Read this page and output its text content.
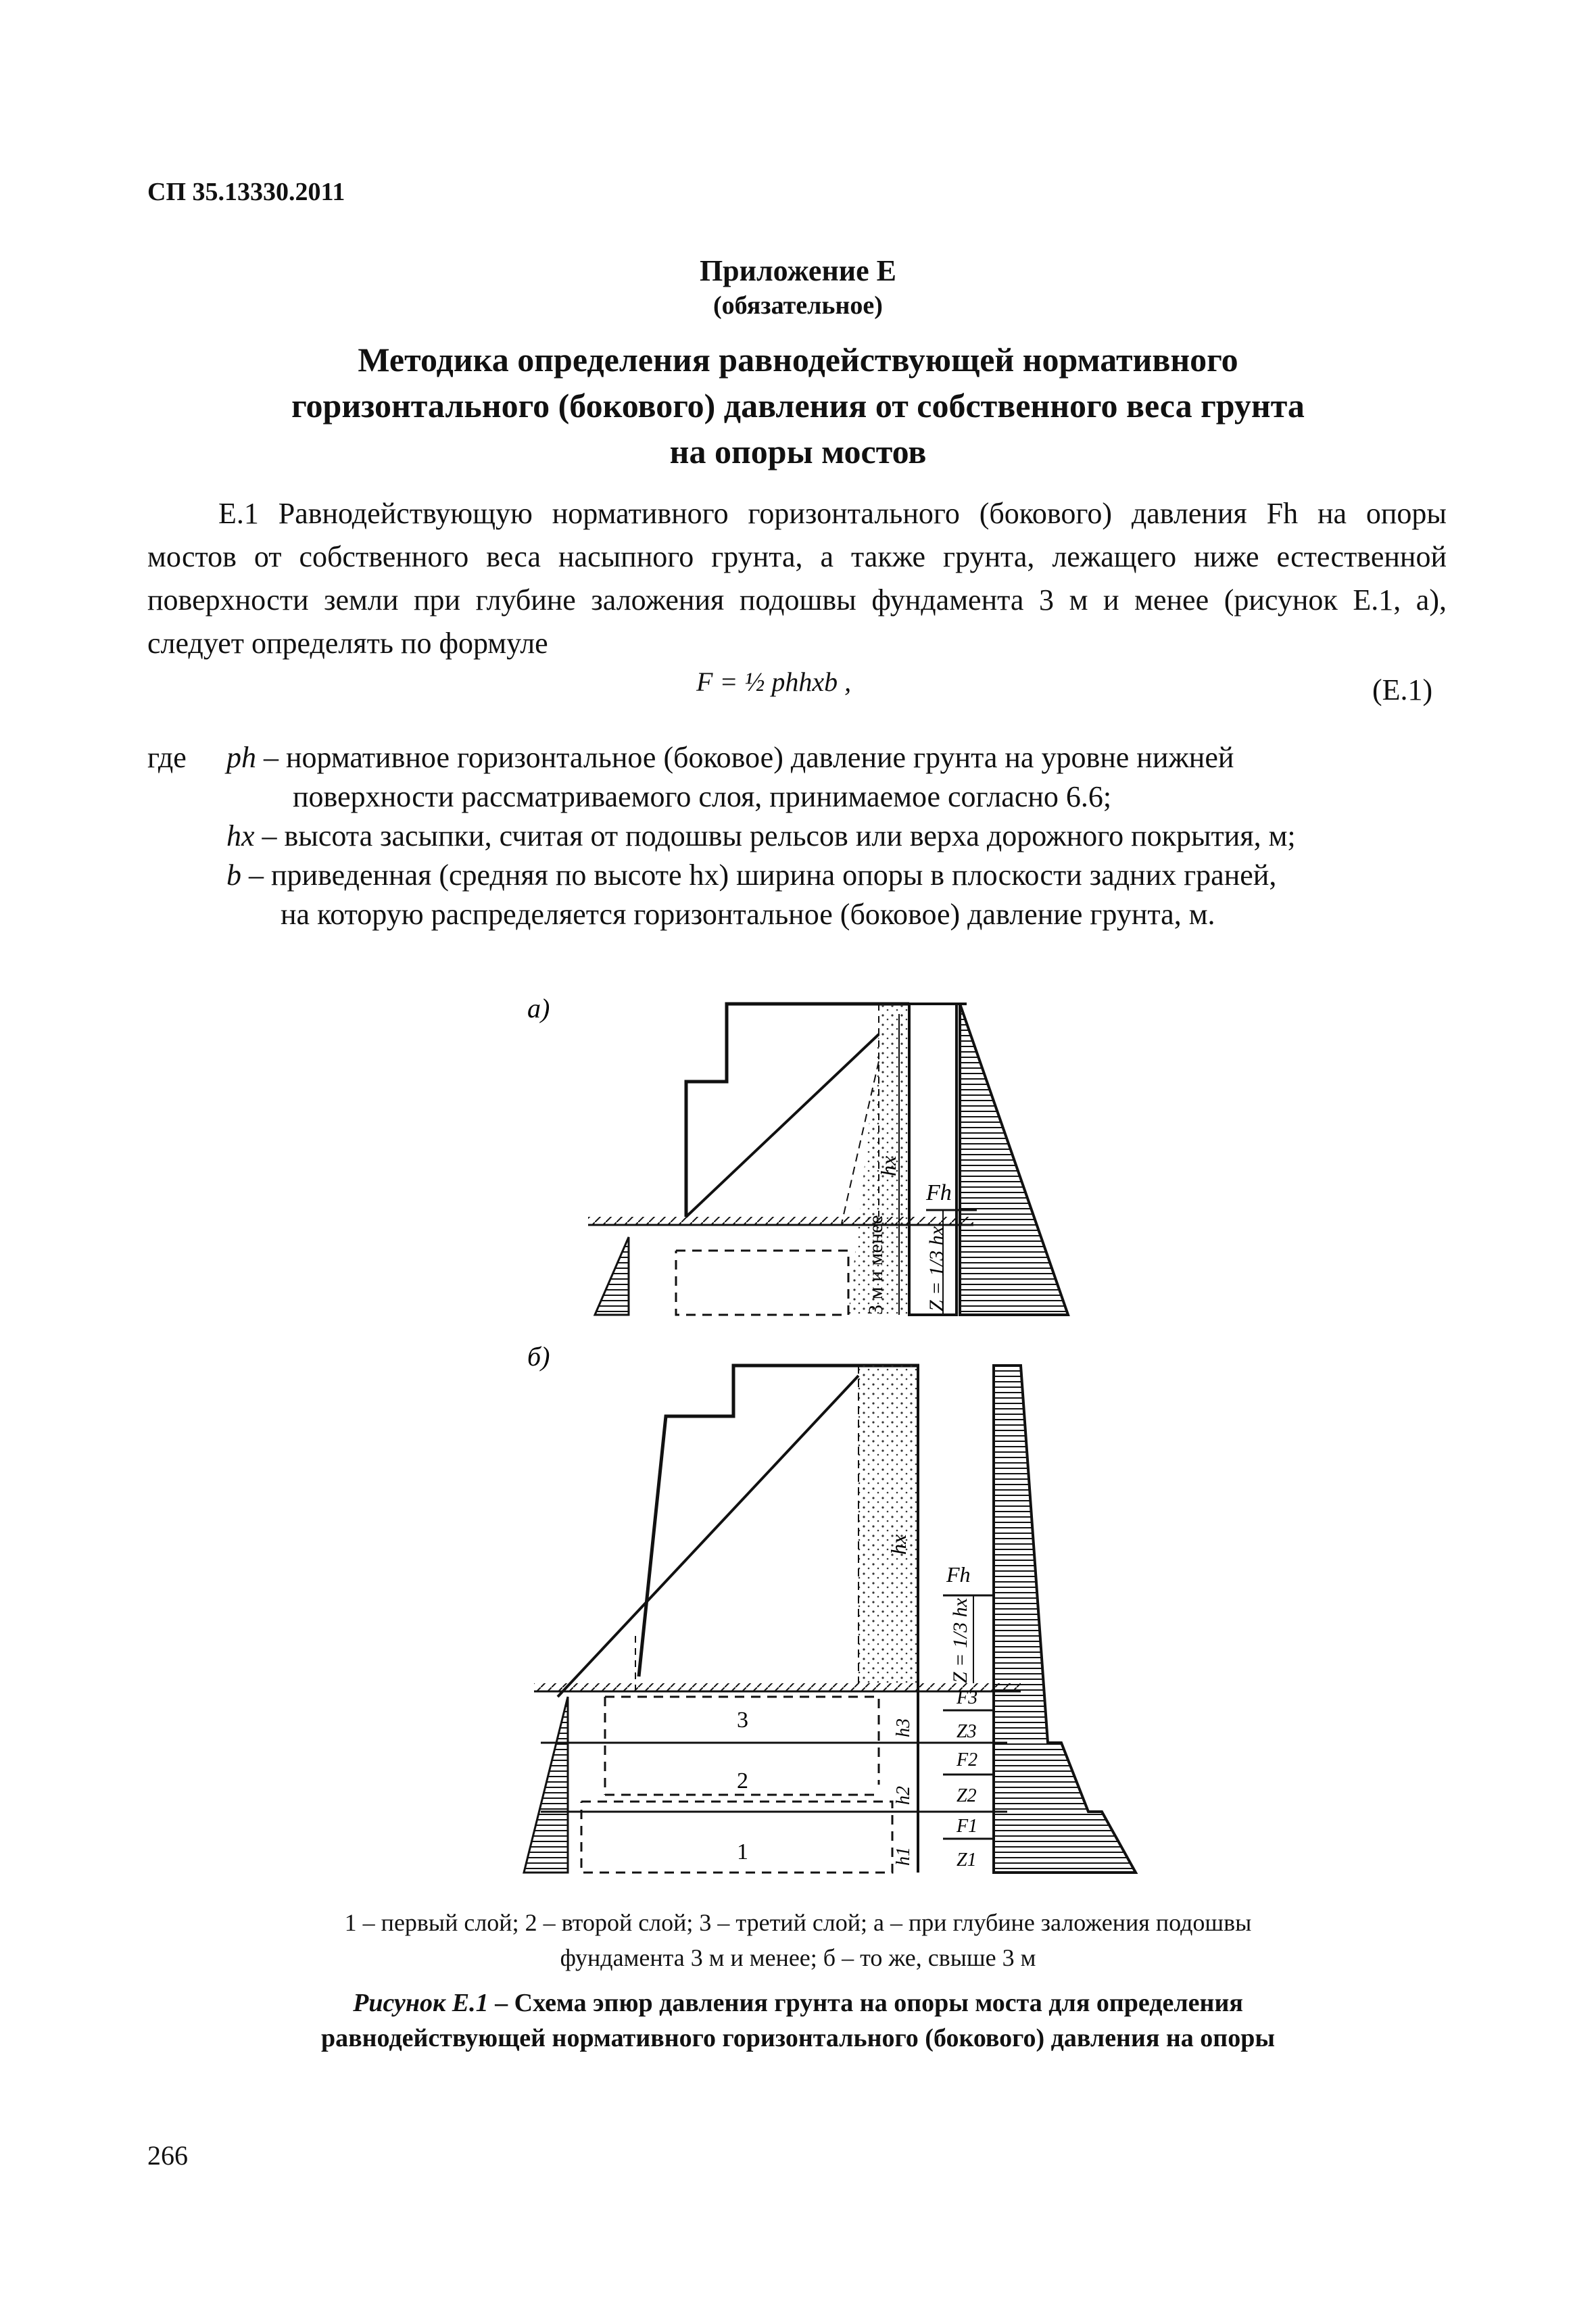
СП 35.13330.2011
Приложение Е
(обязательное)
Методика определения равнодействующей нормативного
горизонтального (бокового) давления от собственного веса грунта
на опоры мостов

Е.1 Равнодействующую нормативного горизонтального (бокового) давления Fh на опоры мостов от собственного веса насыпного грунта, а также грунта, лежащего ниже естественной поверхности земли при глубине заложения подошвы фундамента 3 м и менее (рисунок Е.1, а), следует определять по формуле

F = ½ phhxb ,	(Е.1)
где ph – нормативное горизонтальное (боковое) давление грунта на уровне нижней
поверхности рассматриваемого слоя, принимаемое согласно 6.6;
hx – высота засыпки, считая от подошвы рельсов или верха дорожного покрытия, м;
b – приведенная (средняя по высоте hx) ширина опоры в плоскости задних граней,
на которую распределяется горизонтальное (боковое) давление грунта, м.
а)
Fh
hx
3 м и менее Z = 1/3 hx
б)
3
2
1
Fh
hx
Z = 1/3 hx
h3
h2
h1
F3
Z3
F2
Z2
F1
Z1
1 – первый слой; 2 – второй слой; 3 – третий слой; а – при глубине заложения подошвы
фундамента 3 м и менее; б – то же, свыше 3 м
Рисунок Е.1 – Схема эпюр давления грунта на опоры моста для определения
равнодействующей нормативного горизонтального (бокового) давления на опоры
266
